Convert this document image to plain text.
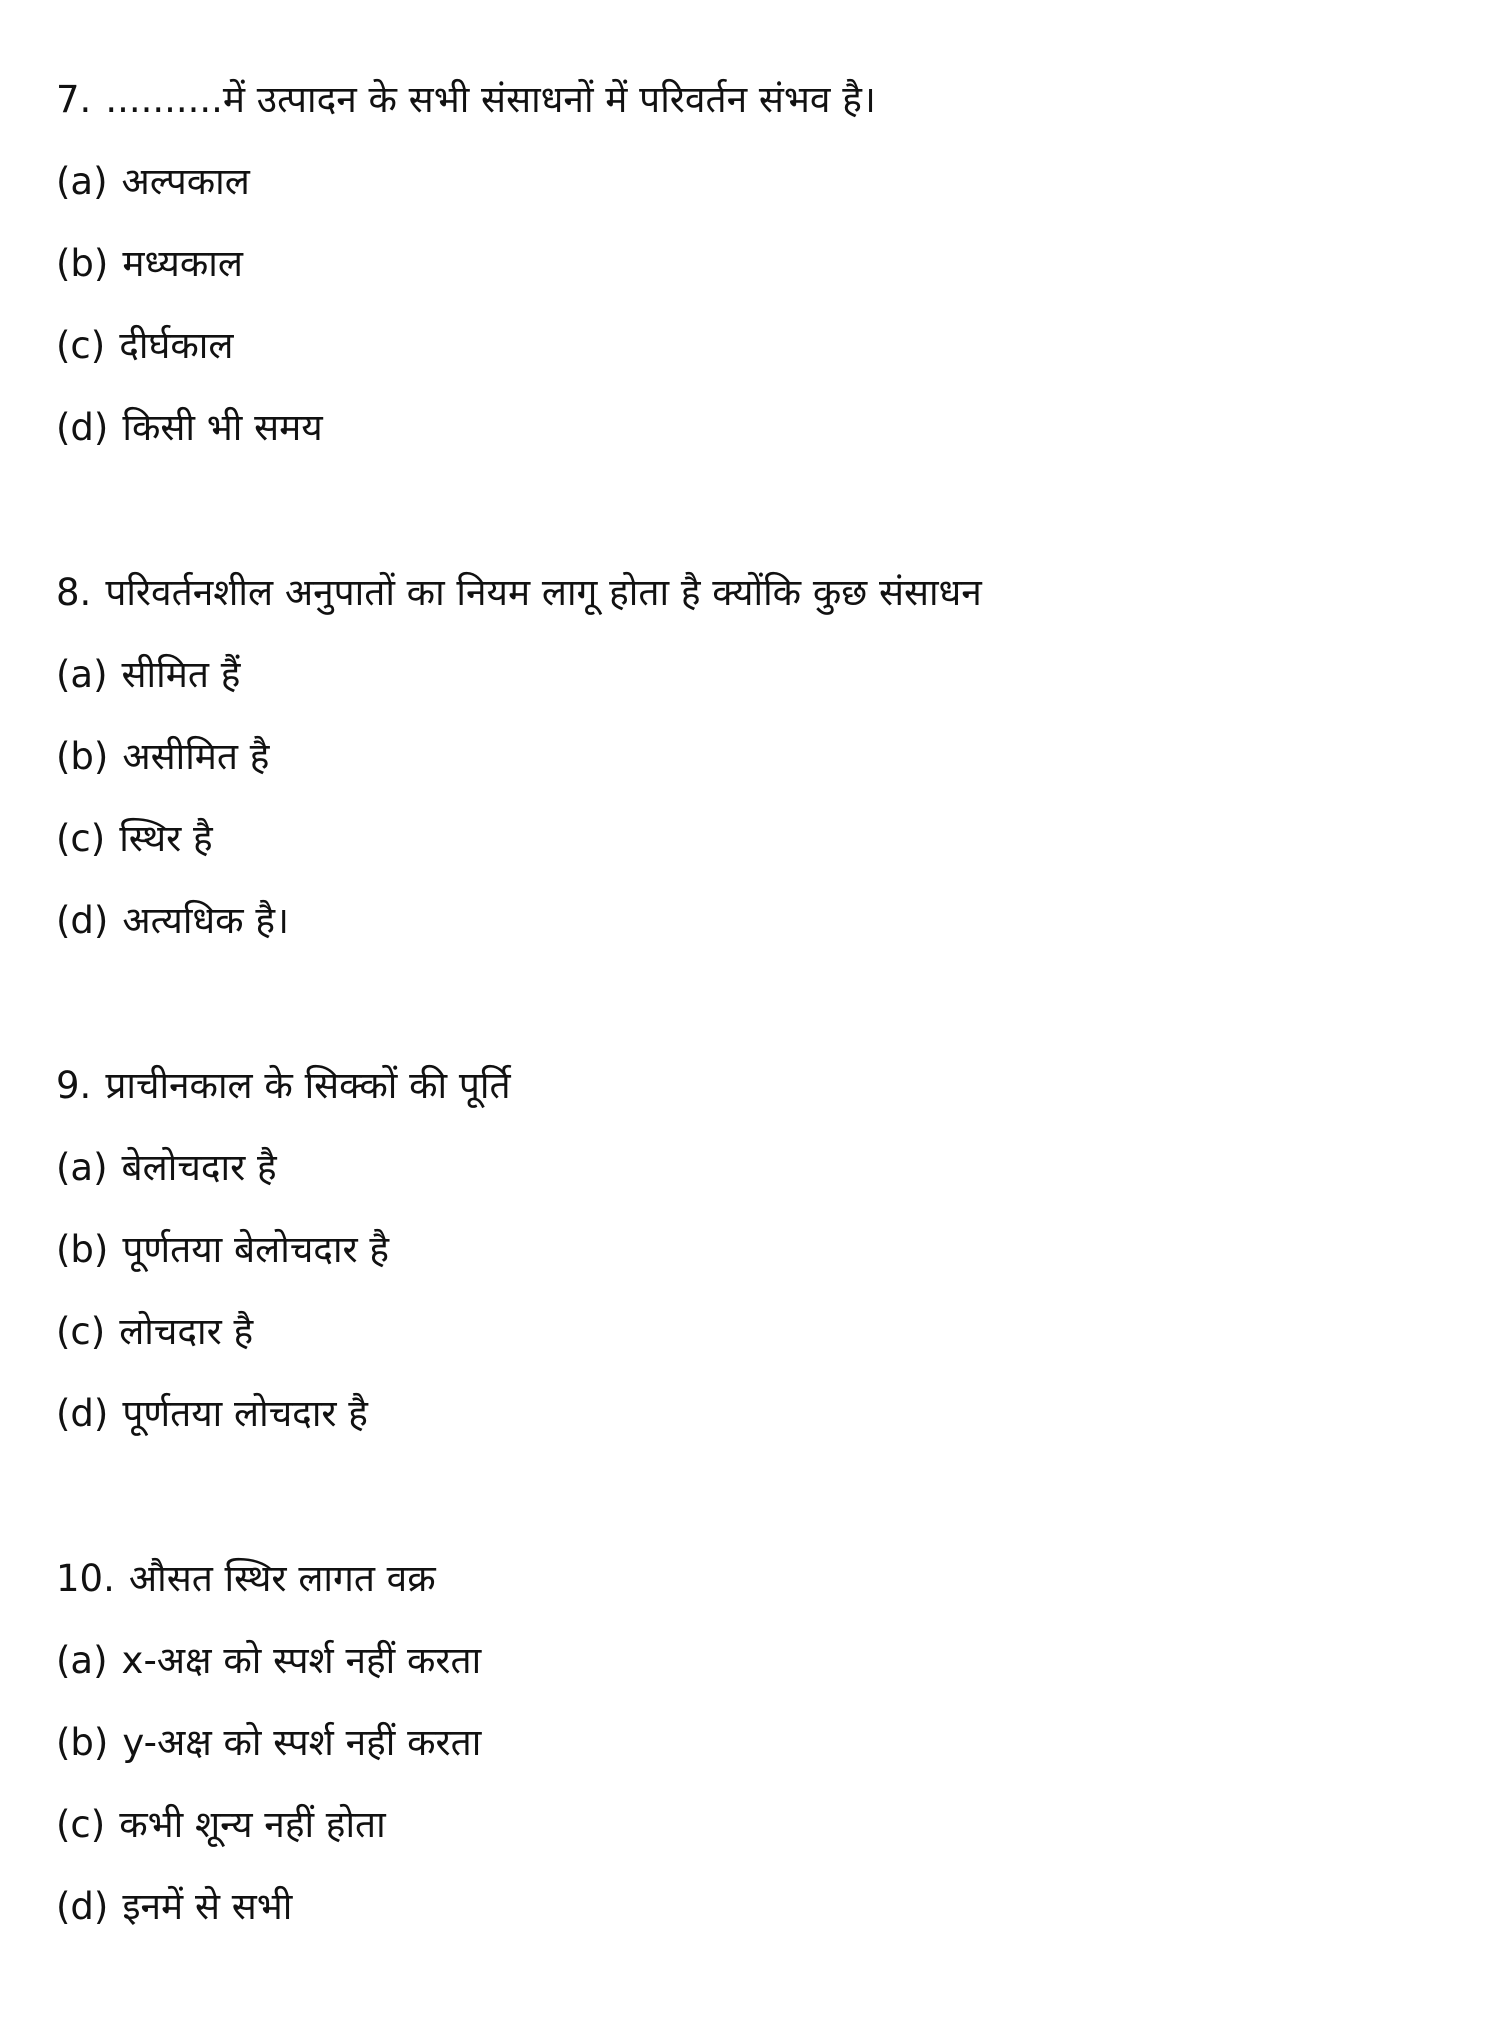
7. ..........में उत्पादन के सभी संसाधनों में परिवर्तन संभव है।
(a) अल्पकाल
(b) मध्यकाल
(c) दीर्घकाल
(d) किसी भी समय
8. परिवर्तनशील अनुपातों का नियम लागू होता है क्योंकि कुछ संसाधन
(a) सीमित हैं
(b) असीमित है
(c) स्थिर है
(d) अत्यधिक है।
9. प्राचीनकाल के सिक्कों की पूर्ति
(a) बेलोचदार है
(b) पूर्णतया बेलोचदार है
(c) लोचदार है
(d) पूर्णतया लोचदार है
10. औसत स्थिर लागत वक्र
(a) x-अक्ष को स्पर्श नहीं करता
(b) y-अक्ष को स्पर्श नहीं करता
(c) कभी शून्य नहीं होता
(d) इनमें से सभी
